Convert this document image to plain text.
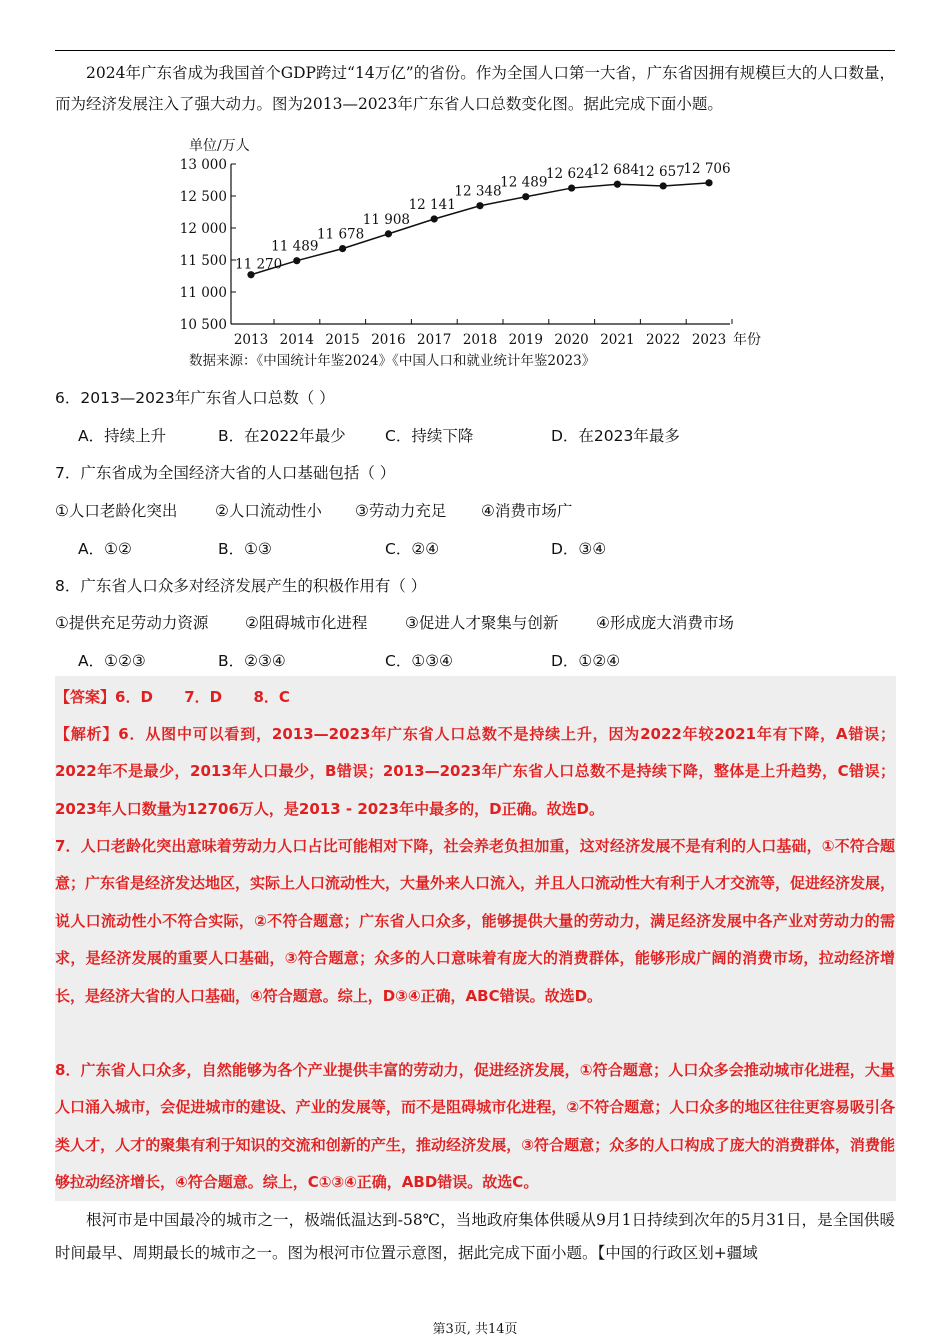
2024年广东省成为我国首个GDP跨过“14万亿”的省份。作为全国人口第一大省，广东省因拥有规模巨大的人口数量，而为经济发展注入了强大动力。图为2013—2023年广东省人口总数变化图。据此完成下面小题。
单位/万人
10 500
11 000
11 500
12 000
12 500
13 000
2013 2014 2015 2016 2017 2018 2019 2020 2021 2022 2023 年份
11 270
11 489
11 678
11 908
12 141
12 348
12 489
12 624
12 684
12 657
12 706
数据来源：《中国统计年鉴2024》《中国人口和就业统计年鉴2023》
6．2013—2023年广东省人口总数（ ）
A．持续上升	B．在2022年最少	C．持续下降	D．在2023年最多
7．广东省成为全国经济大省的人口基础包括（ ）
①人口老龄化突出 ②人口流动性小 ③劳动力充足 ④消费市场广
A．①②	B．①③	C．②④	D．③④
8．广东省人口众多对经济发展产生的积极作用有（ ）
①提供充足劳动力资源 ②阻碍城市化进程 ③促进人才聚集与创新 ④形成庞大消费市场
A．①②③	B．②③④	C．①③④	D．①②④
【答案】6．D      7．D      8．C
【解析】6．从图中可以看到，2013—2023年广东省人口总数不是持续上升，因为2022年较2021年有下降，A错误；2022年不是最少，2013年人口最少，B错误；2013—2023年广东省人口总数不是持续下降，整体是上升趋势，C错误；2023年人口数量为12706万人，是2013 - 2023年中最多的，D正确。故选D。
7．人口老龄化突出意味着劳动力人口占比可能相对下降，社会养老负担加重，这对经济发展不是有利的人口基础，①不符合题意；广东省是经济发达地区，实际上人口流动性大，大量外来人口流入，并且人口流动性大有利于人才交流等，促进经济发展，说人口流动性小不符合实际，②不符合题意；广东省人口众多，能够提供大量的劳动力，满足经济发展中各产业对劳动力的需求，是经济发展的重要人口基础，③符合题意；众多的人口意味着有庞大的消费群体，能够形成广阔的消费市场，拉动经济增长，是经济大省的人口基础，④符合题意。综上，D③④正确，ABC错误。故选D。
8．广东省人口众多，自然能够为各个产业提供丰富的劳动力，促进经济发展，①符合题意；人口众多会推动城市化进程，大量人口涌入城市，会促进城市的建设、产业的发展等，而不是阻碍城市化进程，②不符合题意；人口众多的地区往往更容易吸引各类人才，人才的聚集有利于知识的交流和创新的产生，推动经济发展，③符合题意；众多的人口构成了庞大的消费群体，消费能够拉动经济增长，④符合题意。综上，C①③④正确，ABD错误。故选C。
根河市是中国最冷的城市之一，极端低温达到-58℃，当地政府集体供暖从9月1日持续到次年的5月31日，是全国供暖时间最早、周期最长的城市之一。图为根河市位置示意图，据此完成下面小题。【中国的行政区划+疆域
第3页, 共14页
